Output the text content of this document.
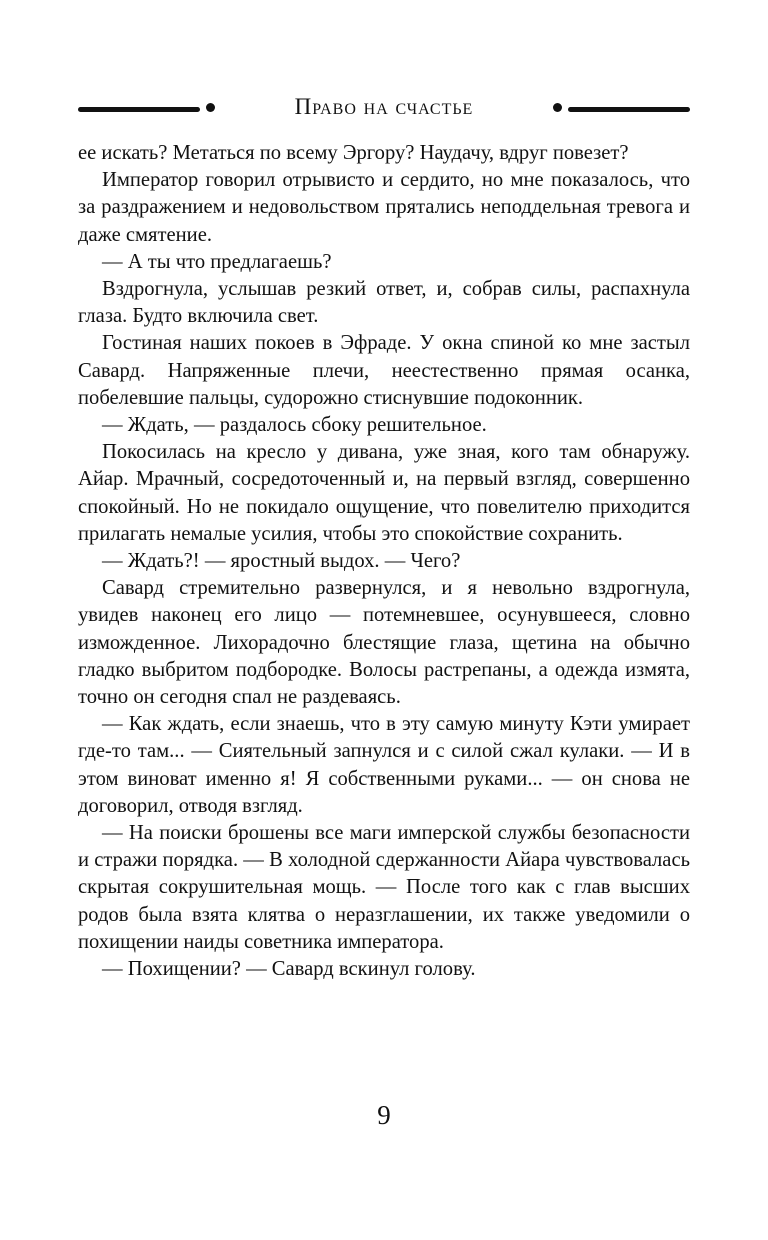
Право на счастье

ее искать? Метаться по всему Эргору? Наудачу, вдруг повезет?

Император говорил отрывисто и сердито, но мне показалось, что за раздражением и недовольством прятались неподдельная тревога и даже смятение.

— А ты что предлагаешь?

Вздрогнула, услышав резкий ответ, и, собрав силы, распахнула глаза. Будто включила свет.

Гостиная наших покоев в Эфраде. У окна спиной ко мне застыл Савард. Напряженные плечи, неестественно прямая осанка, побелевшие пальцы, судорожно стиснувшие подоконник.

— Ждать, — раздалось сбоку решительное.

Покосилась на кресло у дивана, уже зная, кого там обнаружу. Айар. Мрачный, сосредоточенный и, на первый взгляд, совершенно спокойный. Но не покидало ощущение, что повелителю приходится прилагать немалые усилия, чтобы это спокойствие сохранить.

— Ждать?! — яростный выдох. — Чего?

Савард стремительно развернулся, и я невольно вздрогнула, увидев наконец его лицо — потемневшее, осунувшееся, словно изможденное. Лихорадочно блестящие глаза, щетина на обычно гладко выбритом подбородке. Волосы растрепаны, а одежда измята, точно он сегодня спал не раздеваясь.

— Как ждать, если знаешь, что в эту самую минуту Кэти умирает где-то там... — Сиятельный запнулся и с силой сжал кулаки. — И в этом виноват именно я! Я собственными руками... — он снова не договорил, отводя взгляд.

— На поиски брошены все маги имперской службы безопасности и стражи порядка. — В холодной сдержанности Айара чувствовалась скрытая сокрушительная мощь. — После того как с глав высших родов была взята клятва о неразглашении, их также уведомили о похищении наиды советника императора.

— Похищении? — Савард вскинул голову.

9
